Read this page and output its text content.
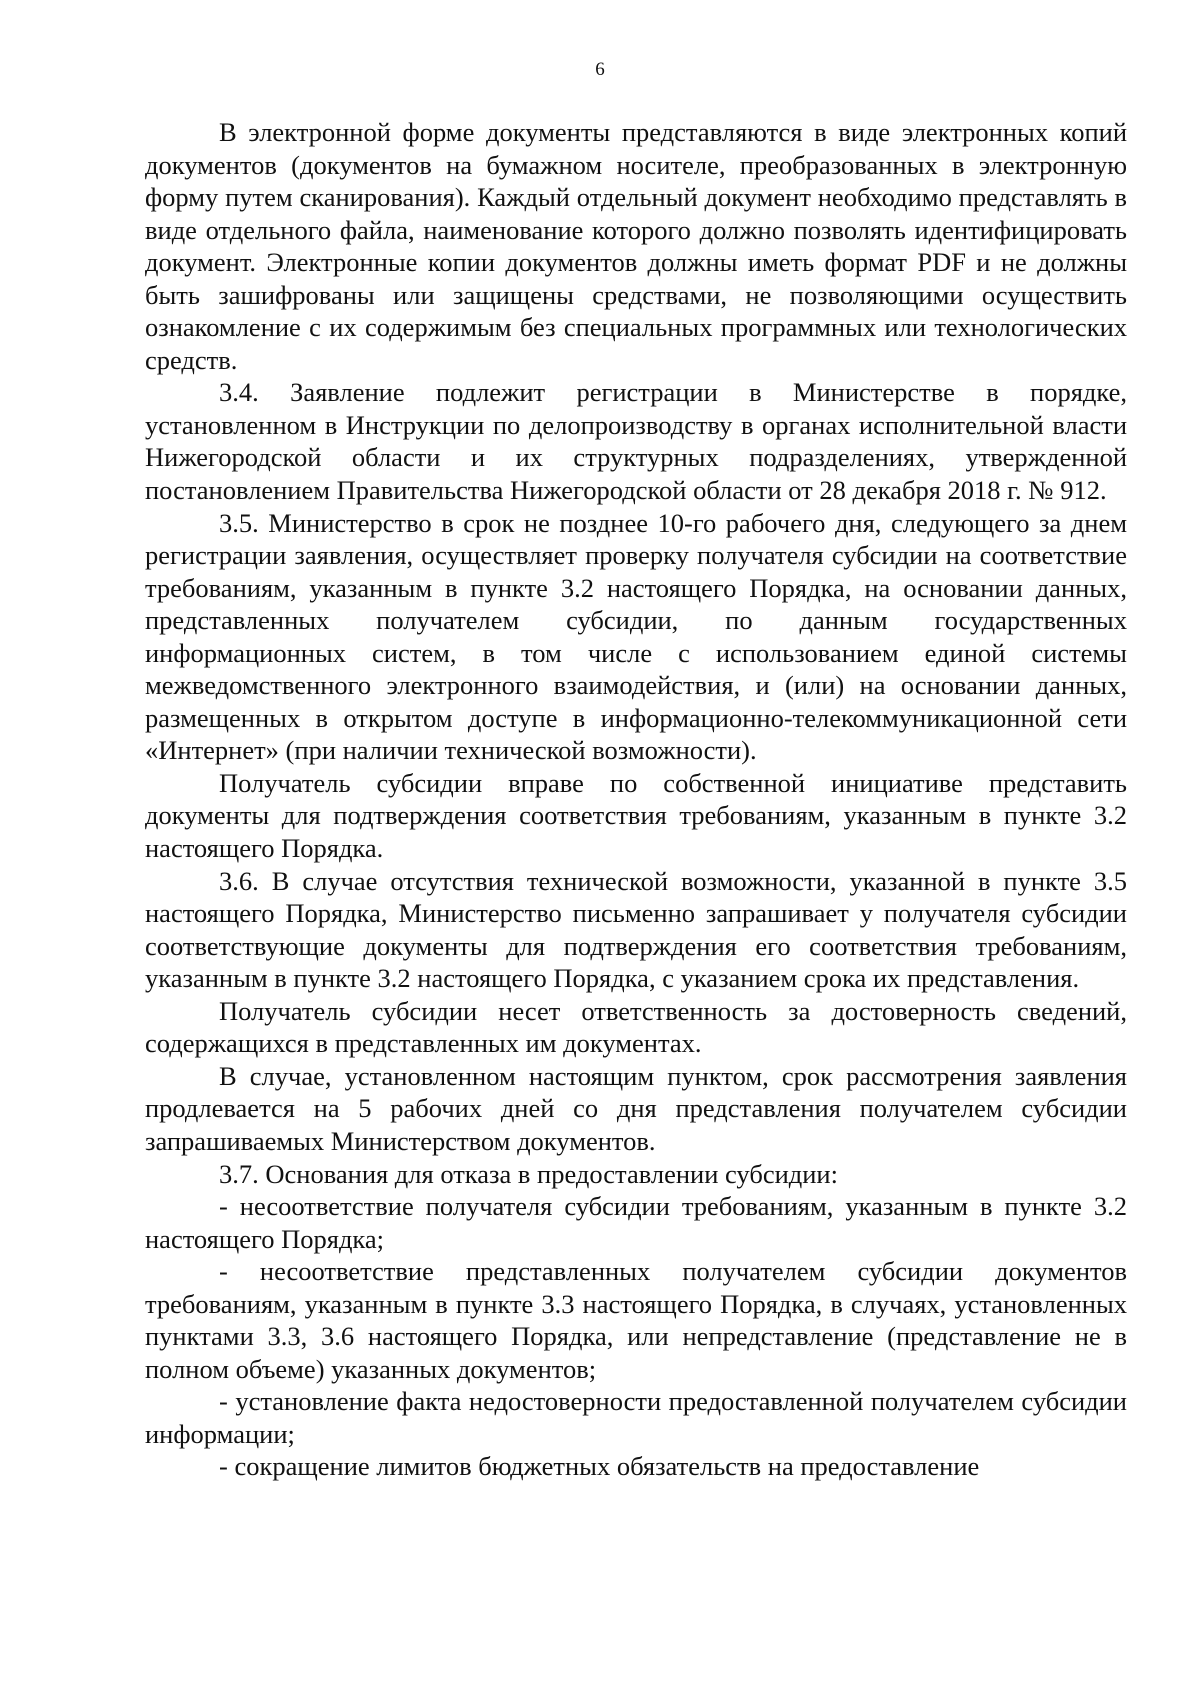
6

В электронной форме документы представляются в виде электронных копий документов (документов на бумажном носителе, преобразованных в электронную форму путем сканирования). Каждый отдельный документ необходимо представлять в виде отдельного файла, наименование которого должно позволять идентифицировать документ. Электронные копии документов должны иметь формат PDF и не должны быть зашифрованы или защищены средствами, не позволяющими осуществить ознакомление с их содержимым без специальных программных или технологических средств.

3.4. Заявление подлежит регистрации в Министерстве в порядке, установленном в Инструкции по делопроизводству в органах исполнительной власти Нижегородской области и их структурных подразделениях, утвержденной постановлением Правительства Нижегородской области от 28 декабря 2018 г. № 912.

3.5. Министерство в срок не позднее 10-го рабочего дня, следующего за днем регистрации заявления, осуществляет проверку получателя субсидии на соответствие требованиям, указанным в пункте 3.2 настоящего Порядка, на основании данных, представленных получателем субсидии, по данным государственных информационных систем, в том числе с использованием единой системы межведомственного электронного взаимодействия, и (или) на основании данных, размещенных в открытом доступе в информационно-телекоммуникационной сети «Интернет» (при наличии технической возможности).

Получатель субсидии вправе по собственной инициативе представить документы для подтверждения соответствия требованиям, указанным в пункте 3.2 настоящего Порядка.

3.6. В случае отсутствия технической возможности, указанной в пункте 3.5 настоящего Порядка, Министерство письменно запрашивает у получателя субсидии соответствующие документы для подтверждения его соответствия требованиям, указанным в пункте 3.2 настоящего Порядка, с указанием срока их представления.

Получатель субсидии несет ответственность за достоверность сведений, содержащихся в представленных им документах.

В случае, установленном настоящим пунктом, срок рассмотрения заявления продлевается на 5 рабочих дней со дня представления получателем субсидии запрашиваемых Министерством документов.

3.7. Основания для отказа в предоставлении субсидии:

- несоответствие получателя субсидии требованиям, указанным в пункте 3.2 настоящего Порядка;

- несоответствие представленных получателем субсидии документов требованиям, указанным в пункте 3.3 настоящего Порядка, в случаях, установленных пунктами 3.3, 3.6 настоящего Порядка, или непредставление (представление не в полном объеме) указанных документов;

- установление факта недостоверности предоставленной получателем субсидии информации;

- сокращение лимитов бюджетных обязательств на предоставление
